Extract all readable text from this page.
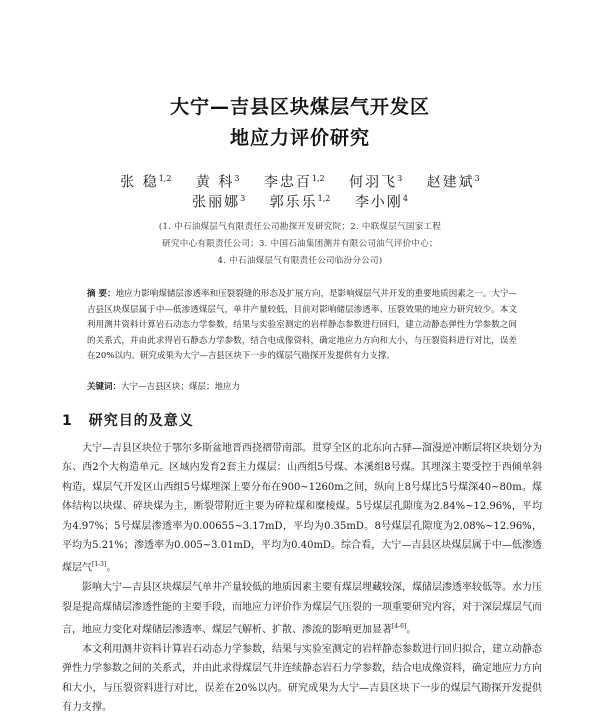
大宁—吉县区块煤层气开发区
地应力评价研究
张 稳$^{1,2}$ 黄 科$^3$ 李忠百$^{1,2}$ 何羽飞$^3$ 赵建斌$^3$
张丽娜$^3$ 郭乐乐$^{1,2}$ 李小刚$^4$
(1. 中石油煤层气有限责任公司勘探开发研究院；2. 中联煤层气国家工程
研究中心有限责任公司；3. 中国石油集团测井有限公司油气评价中心；
4. 中石油煤层气有限责任公司临汾分公司)
摘 要：地应力影响煤储层渗透率和压裂裂缝的形态及扩展方向，是影响煤层气井开发的重要地质因素之一。大宁—吉县区块煤层属于中—低渗透煤层气，单井产量较低，目前对影响储层渗透率、压裂效果的地应力研究较少。本文利用测井资料计算岩石动态力学参数，结果与实验室测定的岩样静态参数进行回归，建立动静态弹性力学参数之间的关系式，并由此求得岩石静态力学参数，结合电成像资料，确定地应力方向和大小，与压裂资料进行对比，误差在20%以内。研究成果为大宁—吉县区块下一步的煤层气勘探开发提供有力支撑。
关键词：大宁—吉县区块；煤层；地应力
1 研究目的及意义

大宁—吉县区块位于鄂尔多斯盆地晋西挠褶带南部。贯穿全区的北东向古驿—溜漫逆冲断层将区块划分为东、西2个大构造单元。区域内发育2套主力煤层：山西组5号煤、本溪组8号煤。其埋深主要受控于西倾单斜构造，煤层气开发区山西组5号煤埋深上要分布在900~1260m之间，纵向上8号煤比5号煤深40~80m。煤体结构以块煤、碎块煤为主，断裂带附近主要为碎粒煤和糜棱煤。5号煤层孔隙度为2.84%~12.96%，平均为4.97%；5号煤层渗透率为0.00655~3.17mD，平均为0.35mD。8号煤层孔隙度为2.08%~12.96%，平均为5.21%；渗透率为0.005~3.01mD，平均为0.40mD。综合看，大宁—吉县区块煤层属于中—低渗透煤层气[1-3]。

影响大宁—吉县区块煤层气单井产量较低的地质因素主要有煤层埋藏较深，煤储层渗透率较低等。水力压裂是提高煤储层渗透性能的主要手段，而地应力评价作为煤层气压裂的一项重要研究内容，对于深层煤层气而言，地应力变化对煤储层渗透率、煤层气解析、扩散、渗流的影响更加显著[4-6]。

本文利用测井资料计算岩石动态力学参数，结果与实验室测定的岩样静态参数进行回归拟合，建立动静态弹性力学参数之间的关系式，并由此求得煤层气井连续静态岩石力学参数，结合电成像资料，确定地应力方向和大小，与压裂资料进行对比，误差在20%以内。研究成果为大宁—吉县区块下一步的煤层气勘探开发提供有力支撑。
